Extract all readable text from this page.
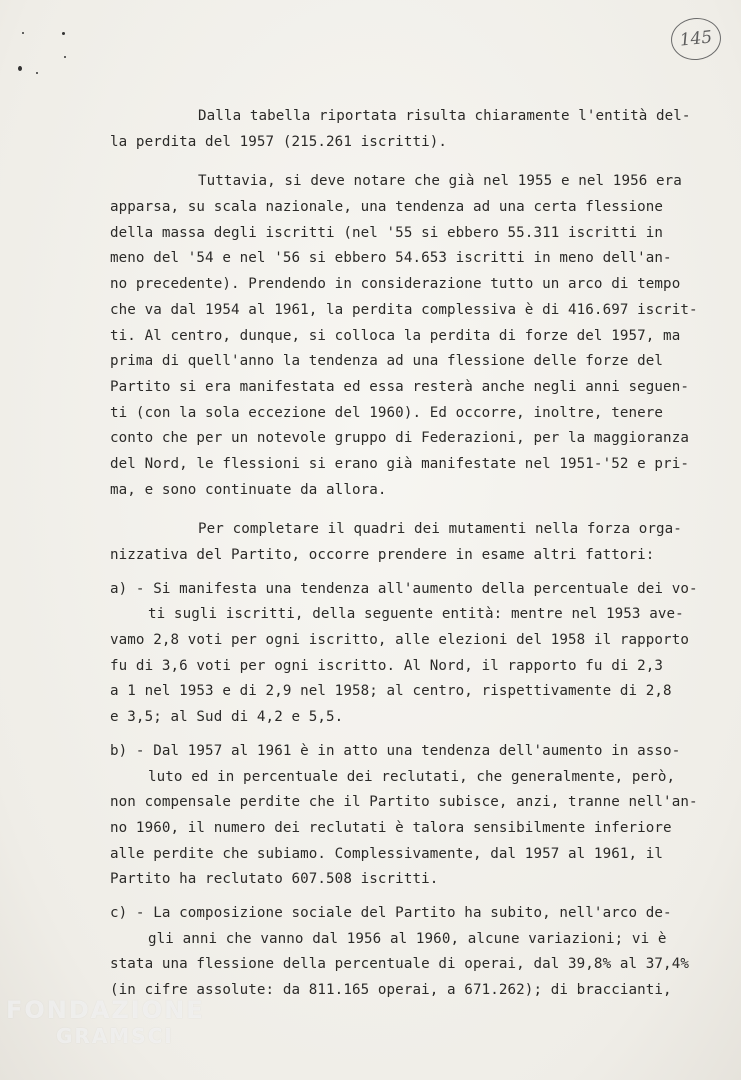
145
Dalla tabella riportata risulta chiaramente l'entità del-
la perdita del 1957 (215.261 iscritti).
Tuttavia, si deve notare che già nel 1955 e nel 1956 era
apparsa, su scala nazionale, una tendenza ad una certa flessione
della massa degli iscritti (nel '55 si ebbero 55.311 iscritti in
meno del '54 e nel '56 si ebbero 54.653 iscritti in meno dell'an-
no precedente). Prendendo in considerazione tutto un arco di tempo
che va dal 1954 al 1961, la perdita complessiva è di 416.697 iscrit-
ti. Al centro, dunque, si colloca la perdita di forze del 1957, ma
prima di quell'anno la tendenza ad una flessione delle forze del
Partito si era manifestata ed essa resterà anche negli anni seguen-
ti (con la sola eccezione del 1960). Ed occorre, inoltre, tenere
conto che per un notevole gruppo di Federazioni, per la maggioranza
del Nord, le flessioni si erano già manifestate nel 1951-'52 e pri-
ma, e sono continuate da allora.
Per completare il quadri dei mutamenti nella forza orga-
nizzativa del Partito, occorre prendere in esame altri fattori:
a) - Si manifesta una tendenza all'aumento della percentuale dei vo-
ti sugli iscritti, della seguente entità: mentre nel 1953 ave-
vamo 2,8 voti per ogni iscritto, alle elezioni del 1958 il rapporto
fu di 3,6 voti per ogni iscritto. Al Nord, il rapporto fu di 2,3
a 1 nel 1953 e di 2,9 nel 1958; al centro, rispettivamente di 2,8
e 3,5; al Sud di 4,2 e 5,5.
b) - Dal 1957 al 1961 è in atto una tendenza dell'aumento in asso-
luto ed in percentuale dei reclutati, che generalmente, però,
non compensale perdite che il Partito subisce, anzi, tranne nell'an-
no 1960, il numero dei reclutati è talora sensibilmente inferiore
alle perdite che subiamo. Complessivamente, dal 1957 al 1961, il
Partito ha reclutato 607.508 iscritti.
c) - La composizione sociale del Partito ha subito, nell'arco de-
gli anni che vanno dal 1956 al 1960, alcune variazioni; vi è
stata una flessione della percentuale di operai, dal 39,8% al 37,4%
(in cifre assolute: da 811.165 operai, a 671.262); di braccianti,
FONDAZIONE
GRAMSCI
